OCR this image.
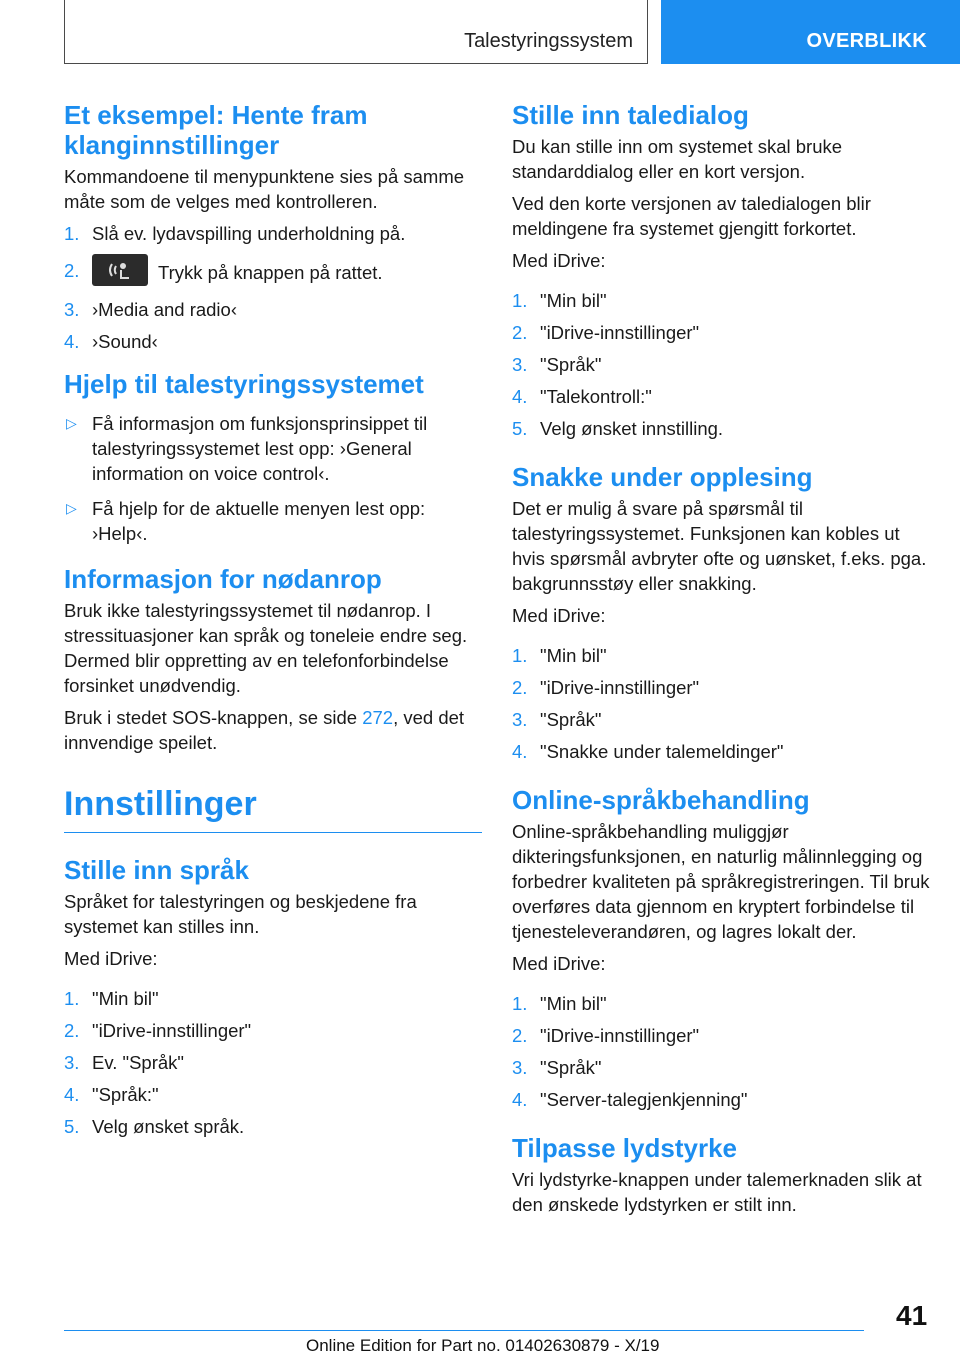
Talestyringssystem	OVERBLIKK
Et eksempel: Hente fram klanginnstillinger

Kommandoene til menypunktene sies på samme måte som de velges med kontrolleren.

1. Slå ev. lydavspilling underholdning på.
2.	Trykk på knappen på rattet.
3. ›Media and radio‹
4. ›Sound‹
Hjelp til talestyringssystemet
▷ Få informasjon om funksjonsprinsippet til talestyringssystemet lest opp: ›General information on voice control‹.
▷ Få hjelp for de aktuelle menyen lest opp: ›Help‹.
Informasjon for nødanrop

Bruk ikke talestyringssystemet til nødanrop. I stressituasjoner kan språk og toneleie endre seg. Dermed blir oppretting av en telefonforbindelse forsinket unødvendig.

Bruk i stedet SOS-knappen, se side 272, ved det innvendige speilet.

Innstillinger
Stille inn språk

Språket for talestyringen og beskjedene fra systemet kan stilles inn.

Med iDrive:

1. "Min bil"
2. "iDrive-innstillinger"
3. Ev. "Språk"
4. "Språk:"
5. Velg ønsket språk.
Stille inn taledialog

Du kan stille inn om systemet skal bruke standarddialog eller en kort versjon.

Ved den korte versjonen av taledialogen blir meldingene fra systemet gjengitt forkortet.

Med iDrive:

1. "Min bil"
2. "iDrive-innstillinger"
3. "Språk"
4. "Talekontroll:"
5. Velg ønsket innstilling.
Snakke under opplesing

Det er mulig å svare på spørsmål til talestyringssystemet. Funksjonen kan kobles ut hvis spørsmål avbryter ofte og uønsket, f.eks. pga. bakgrunnsstøy eller snakking.

Med iDrive:

1. "Min bil"
2. "iDrive-innstillinger"
3. "Språk"
4. "Snakke under talemeldinger"
Online-språkbehandling

Online-språkbehandling muliggjør dikteringsfunksjonen, en naturlig målinnlegging og forbedrer kvaliteten på språkregistreringen. Til bruk overføres data gjennom en kryptert forbindelse til tjenesteleverandøren, og lagres lokalt der.

Med iDrive:

1. "Min bil"
2. "iDrive-innstillinger"
3. "Språk"
4. "Server-talegjenkjenning"
Tilpasse lydstyrke

Vri lydstyrke-knappen under talemerknaden slik at den ønskede lydstyrken er stilt inn.

41
Online Edition for Part no. 01402630879 - X/19
